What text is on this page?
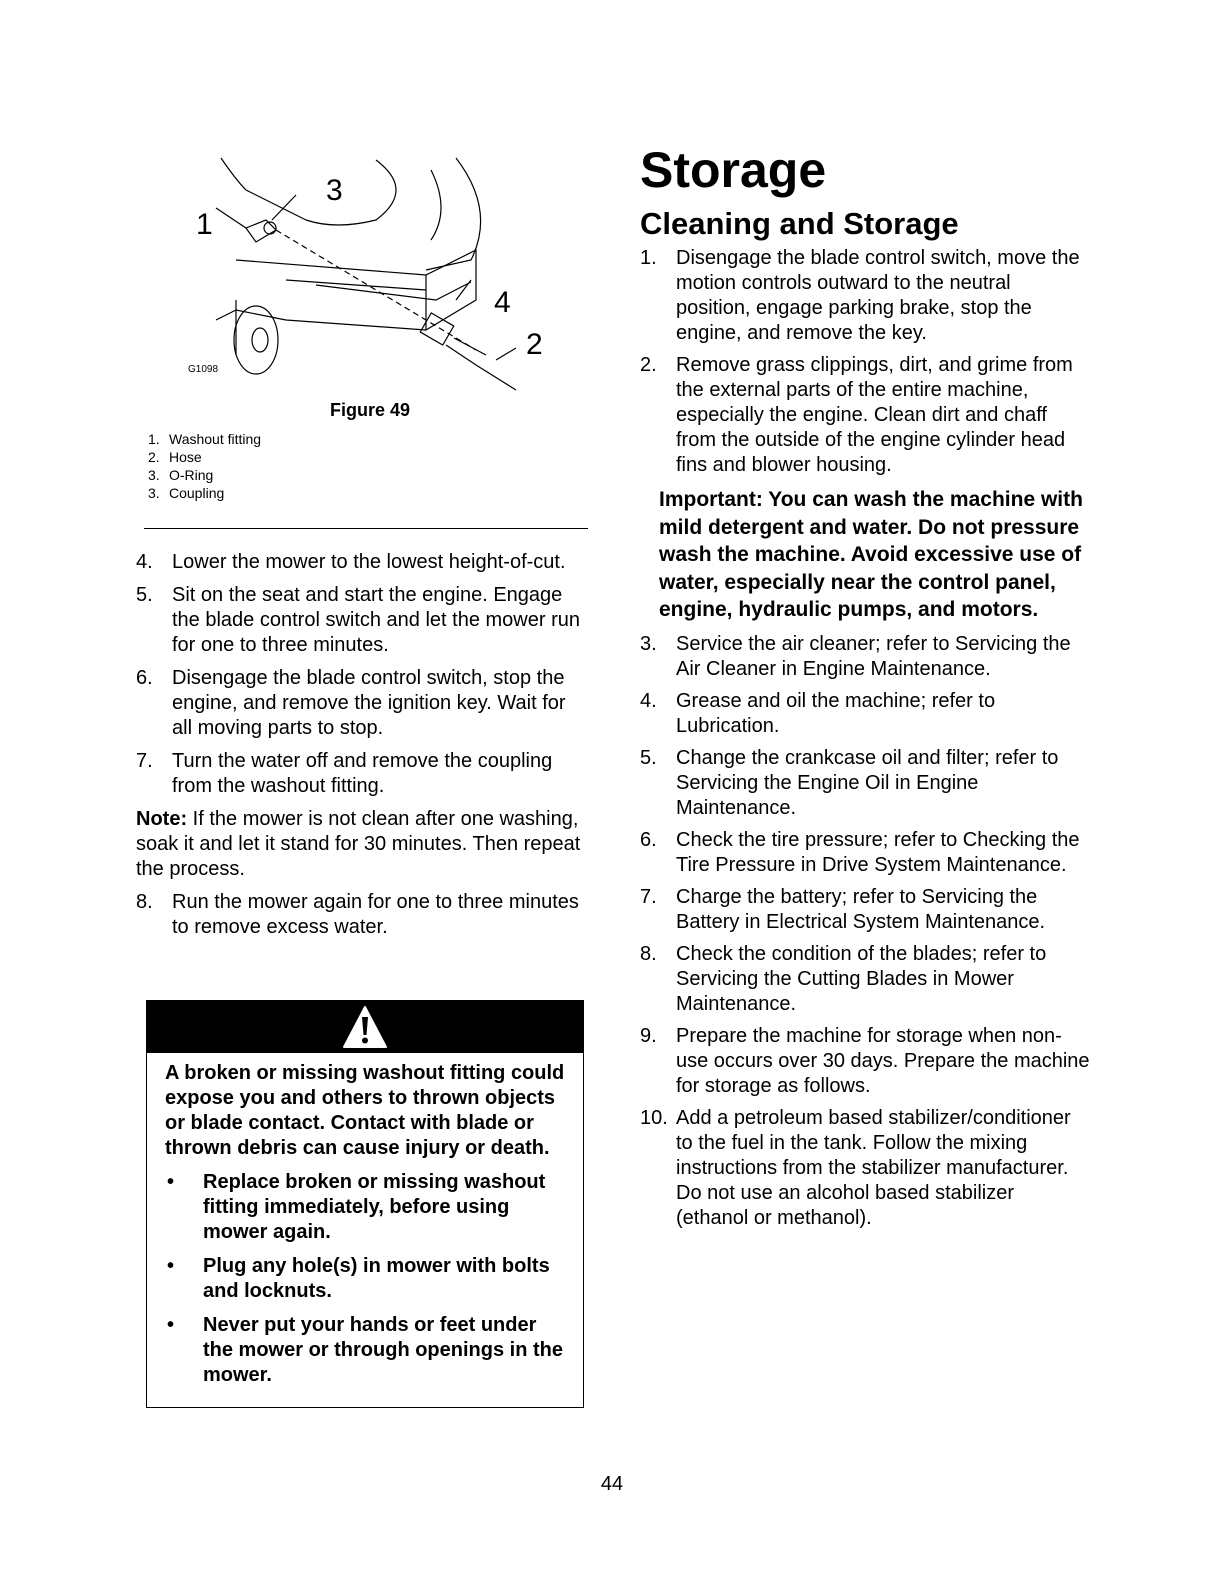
3
1
4
2
G1098
Figure 49
1. Washout fitting
2. Hose
3. O-Ring
3. Coupling
4. Lower the mower to the lowest height-of-cut.
5. Sit on the seat and start the engine. Engage the blade control switch and let the mower run for one to three minutes.
6. Disengage the blade control switch, stop the engine, and remove the ignition key. Wait for all moving parts to stop.
7. Turn the water off and remove the coupling from the washout fitting.
Note: If the mower is not clean after one washing, soak it and let it stand for 30 minutes. Then repeat the process.
8. Run the mower again for one to three minutes to remove excess water.
A broken or missing washout fitting could expose you and others to thrown objects or blade contact. Contact with blade or thrown debris can cause injury or death.
•	Replace broken or missing washout fitting immediately, before using mower again.
•	Plug any hole(s) in mower with bolts and locknuts.
•	Never put your hands or feet under the mower or through openings in the mower.
Storage
Cleaning and Storage
1. Disengage the blade control switch, move the motion controls outward to the neutral position, engage parking brake, stop the engine, and remove the key.
2. Remove grass clippings, dirt, and grime from the external parts of the entire machine, especially the engine. Clean dirt and chaff from the outside of the engine cylinder head fins and blower housing.
Important: You can wash the machine with mild detergent and water. Do not pressure wash the machine. Avoid excessive use of water, especially near the control panel, engine, hydraulic pumps, and motors.
3. Service the air cleaner; refer to Servicing the Air Cleaner in Engine Maintenance.
4. Grease and oil the machine; refer to Lubrication.
5. Change the crankcase oil and filter; refer to Servicing the Engine Oil in Engine Maintenance.
6. Check the tire pressure; refer to Checking the Tire Pressure in Drive System Maintenance.
7. Charge the battery; refer to Servicing the Battery in Electrical System Maintenance.
8. Check the condition of the blades; refer to Servicing the Cutting Blades in Mower Maintenance.
9. Prepare the machine for storage when non-use occurs over 30 days. Prepare the machine for storage as follows.
10. Add a petroleum based stabilizer/conditioner to the fuel in the tank. Follow the mixing instructions from the stabilizer manufacturer. Do not use an alcohol based stabilizer (ethanol or methanol).
44
